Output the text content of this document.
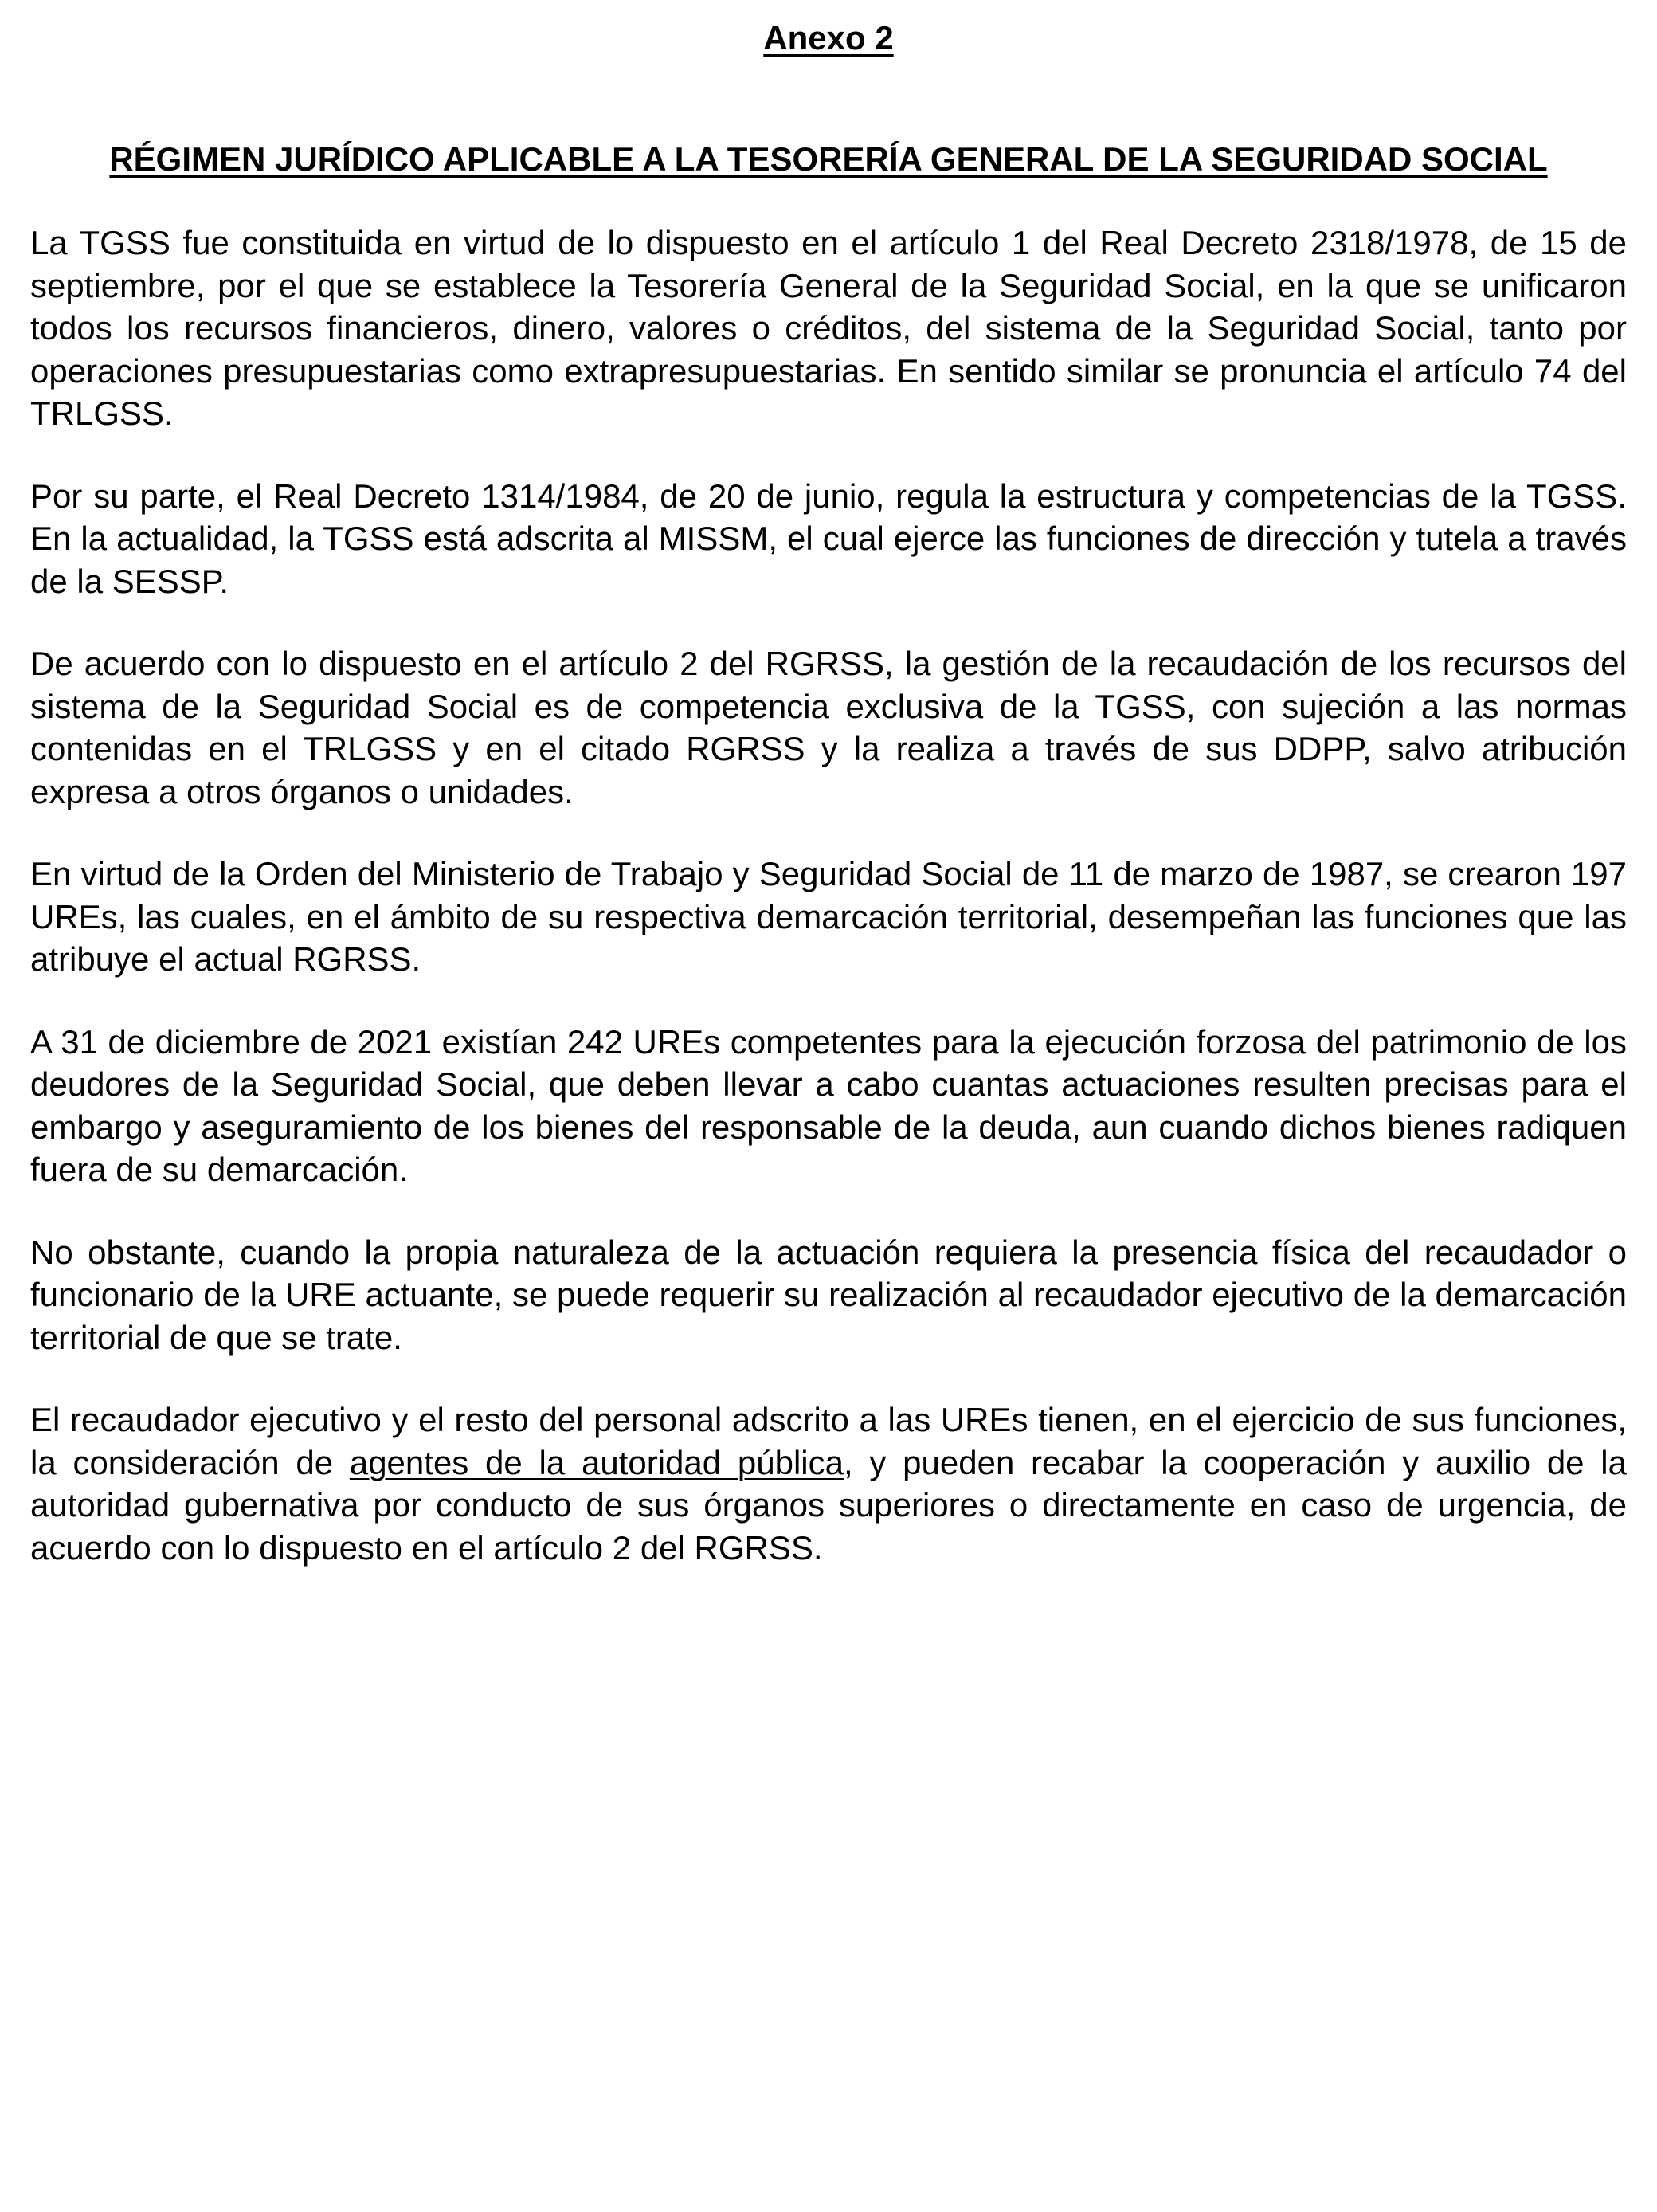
Anexo 2
RÉGIMEN JURÍDICO APLICABLE A LA TESORERÍA GENERAL DE LA SEGURIDAD SOCIAL

La TGSS fue constituida en virtud de lo dispuesto en el artículo 1 del Real Decreto 2318/1978, de 15 de septiembre, por el que se establece la Tesorería General de la Seguridad Social, en la que se unificaron todos los recursos financieros, dinero, valores o créditos, del sistema de la Seguridad Social, tanto por operaciones presupuestarias como extrapresupuestarias. En sentido similar se pronuncia el artículo 74 del TRLGSS.

Por su parte, el Real Decreto 1314/1984, de 20 de junio, regula la estructura y competencias de la TGSS. En la actualidad, la TGSS está adscrita al MISSM, el cual ejerce las funciones de dirección y tutela a través de la SESSP.

De acuerdo con lo dispuesto en el artículo 2 del RGRSS, la gestión de la recaudación de los recursos del sistema de la Seguridad Social es de competencia exclusiva de la TGSS, con sujeción a las normas contenidas en el TRLGSS y en el citado RGRSS y la realiza a través de sus DDPP, salvo atribución expresa a otros órganos o unidades.

En virtud de la Orden del Ministerio de Trabajo y Seguridad Social de 11 de marzo de 1987, se crearon 197 UREs, las cuales, en el ámbito de su respectiva demarcación territorial, desempeñan las funciones que las atribuye el actual RGRSS.

A 31 de diciembre de 2021 existían 242 UREs competentes para la ejecución forzosa del patrimonio de los deudores de la Seguridad Social, que deben llevar a cabo cuantas actuaciones resulten precisas para el embargo y aseguramiento de los bienes del responsable de la deuda, aun cuando dichos bienes radiquen fuera de su demarcación.

No obstante, cuando la propia naturaleza de la actuación requiera la presencia física del recaudador o funcionario de la URE actuante, se puede requerir su realización al recaudador ejecutivo de la demarcación territorial de que se trate.

El recaudador ejecutivo y el resto del personal adscrito a las UREs tienen, en el ejercicio de sus funciones, la consideración de agentes de la autoridad pública, y pueden recabar la cooperación y auxilio de la autoridad gubernativa por conducto de sus órganos superiores o directamente en caso de urgencia, de acuerdo con lo dispuesto en el artículo 2 del RGRSS.
